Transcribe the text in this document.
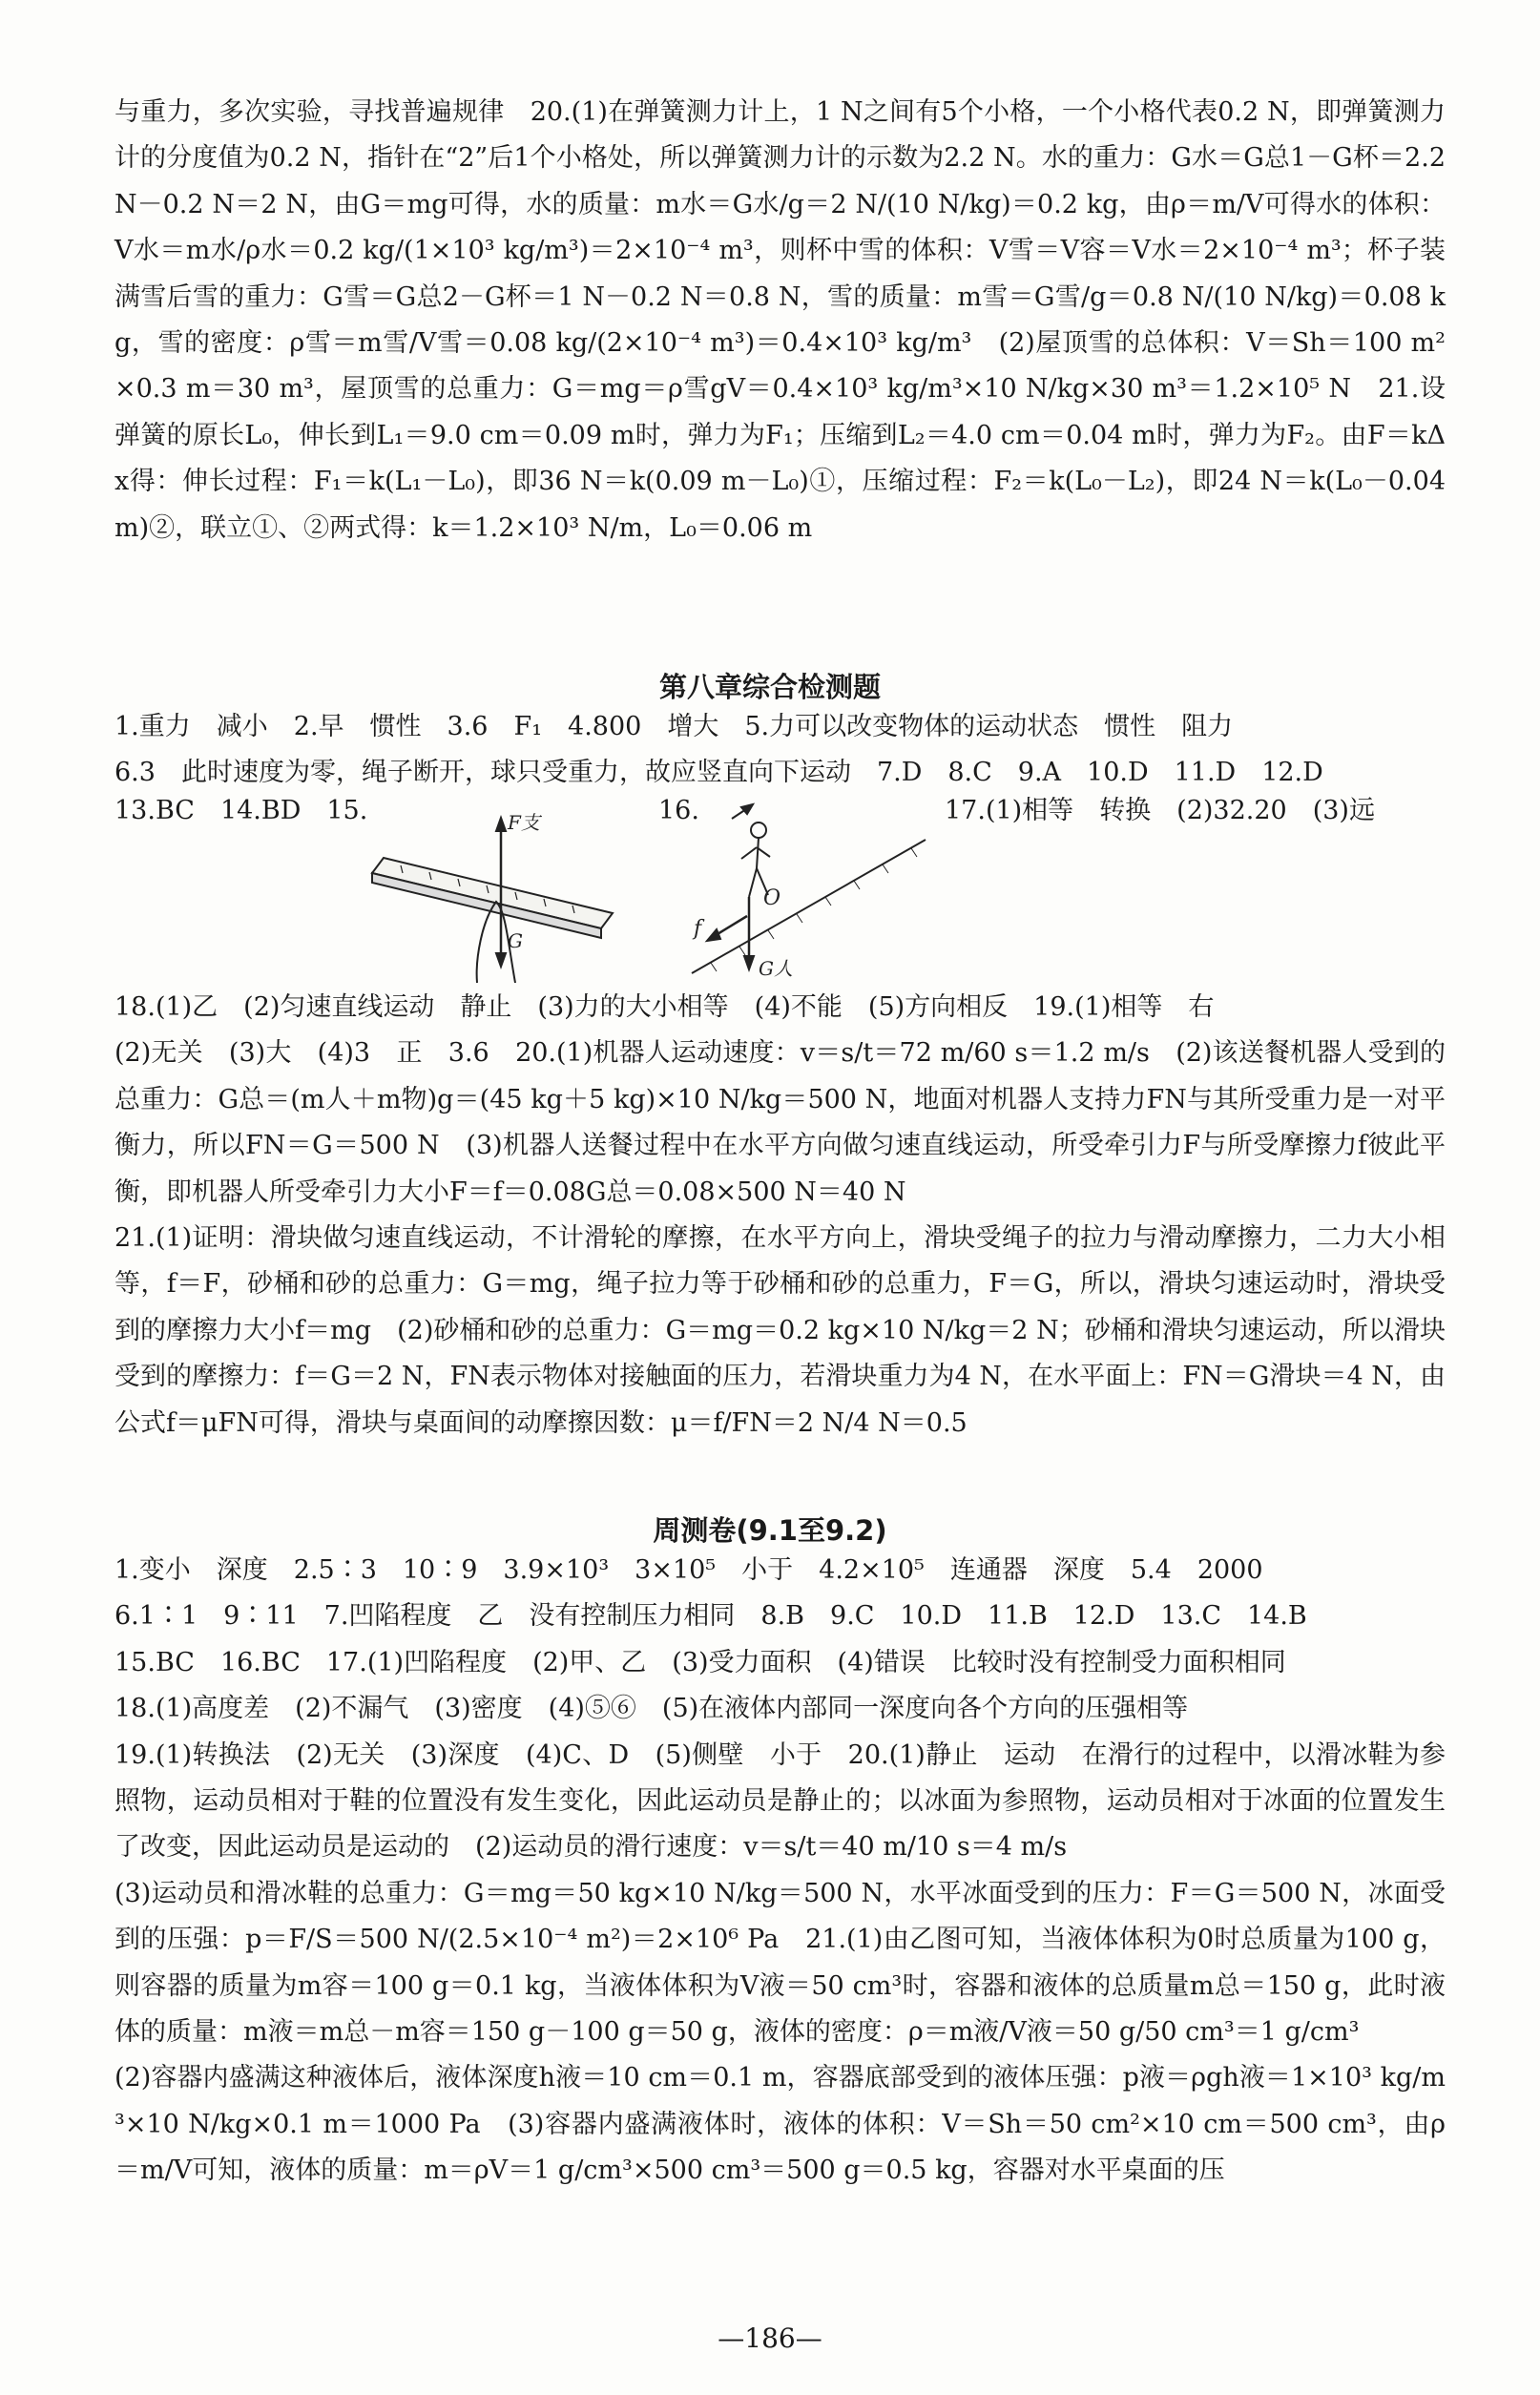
与重力，多次实验，寻找普遍规律　20.(1)在弹簧测力计上，1 N之间有5个小格，一个小格代表0.2 N，即弹簧测力计的分度值为0.2 N，指针在“2”后1个小格处，所以弹簧测力计的示数为2.2 N。水的重力：G水＝G总1－G杯＝2.2 N－0.2 N＝2 N，由G＝mg可得，水的质量：m水＝G水/g＝2 N/(10 N/kg)＝0.2 kg，由ρ＝m/V可得水的体积：V水＝m水/ρ水＝0.2 kg/(1×10³ kg/m³)＝2×10⁻⁴ m³，则杯中雪的体积：V雪＝V容＝V水＝2×10⁻⁴ m³；杯子装满雪后雪的重力：G雪＝G总2－G杯＝1 N－0.2 N＝0.8 N，雪的质量：m雪＝G雪/g＝0.8 N/(10 N/kg)＝0.08 kg，雪的密度：ρ雪＝m雪/V雪＝0.08 kg/(2×10⁻⁴ m³)＝0.4×10³ kg/m³　(2)屋顶雪的总体积：V＝Sh＝100 m²×0.3 m＝30 m³，屋顶雪的总重力：G＝mg＝ρ雪gV＝0.4×10³ kg/m³×10 N/kg×30 m³＝1.2×10⁵ N　21.设弹簧的原长L₀，伸长到L₁＝9.0 cm＝0.09 m时，弹力为F₁；压缩到L₂＝4.0 cm＝0.04 m时，弹力为F₂。由F＝kΔx得：伸长过程：F₁＝k(L₁－L₀)，即36 N＝k(0.09 m－L₀)①，压缩过程：F₂＝k(L₀－L₂)，即24 N＝k(L₀－0.04 m)②，联立①、②两式得：k＝1.2×10³ N/m，L₀＝0.06 m

第八章综合检测题

1.重力　减小　2.早　惯性　3.6　F₁　4.800　增大　5.力可以改变物体的运动状态　惯性　阻力

6.3　此时速度为零，绳子断开，球只受重力，故应竖直向下运动　7.D　8.C　9.A　10.D　11.D　12.D

13.BC　14.BD　15.	16.	17.(1)相等　转换　(2)32.20　(3)远
F支
G	f
O
G人

18.(1)乙　(2)匀速直线运动　静止　(3)力的大小相等　(4)不能　(5)方向相反　19.(1)相等　右

(2)无关　(3)大　(4)3　正　3.6　20.(1)机器人运动速度：v＝s/t＝72 m/60 s＝1.2 m/s　(2)该送餐机器人受到的总重力：G总＝(m人＋m物)g＝(45 kg＋5 kg)×10 N/kg＝500 N，地面对机器人支持力FN与其所受重力是一对平衡力，所以FN＝G＝500 N　(3)机器人送餐过程中在水平方向做匀速直线运动，所受牵引力F与所受摩擦力f彼此平衡，即机器人所受牵引力大小F＝f＝0.08G总＝0.08×500 N＝40 N

21.(1)证明：滑块做匀速直线运动，不计滑轮的摩擦，在水平方向上，滑块受绳子的拉力与滑动摩擦力，二力大小相等，f＝F，砂桶和砂的总重力：G＝mg，绳子拉力等于砂桶和砂的总重力，F＝G，所以，滑块匀速运动时，滑块受到的摩擦力大小f＝mg　(2)砂桶和砂的总重力：G＝mg＝0.2 kg×10 N/kg＝2 N；砂桶和滑块匀速运动，所以滑块受到的摩擦力：f＝G＝2 N，FN表示物体对接触面的压力，若滑块重力为4 N，在水平面上：FN＝G滑块＝4 N，由公式f＝μFN可得，滑块与桌面间的动摩擦因数：μ＝f/FN＝2 N/4 N＝0.5

周测卷(9.1至9.2)

1.变小　深度　2.5∶3　10∶9　3.9×10³　3×10⁵　小于　4.2×10⁵　连通器　深度　5.4　2000

6.1∶1　9∶11　7.凹陷程度　乙　没有控制压力相同　8.B　9.C　10.D　11.B　12.D　13.C　14.B

15.BC　16.BC　17.(1)凹陷程度　(2)甲、乙　(3)受力面积　(4)错误　比较时没有控制受力面积相同

18.(1)高度差　(2)不漏气　(3)密度　(4)⑤⑥　(5)在液体内部同一深度向各个方向的压强相等

19.(1)转换法　(2)无关　(3)深度　(4)C、D　(5)侧壁　小于　20.(1)静止　运动　在滑行的过程中，以滑冰鞋为参照物，运动员相对于鞋的位置没有发生变化，因此运动员是静止的；以冰面为参照物，运动员相对于冰面的位置发生了改变，因此运动员是运动的　(2)运动员的滑行速度：v＝s/t＝40 m/10 s＝4 m/s

(3)运动员和滑冰鞋的总重力：G＝mg＝50 kg×10 N/kg＝500 N，水平冰面受到的压力：F＝G＝500 N，冰面受到的压强：p＝F/S＝500 N/(2.5×10⁻⁴ m²)＝2×10⁶ Pa　21.(1)由乙图可知，当液体体积为0时总质量为100 g，则容器的质量为m容＝100 g＝0.1 kg，当液体体积为V液＝50 cm³时，容器和液体的总质量m总＝150 g，此时液体的质量：m液＝m总－m容＝150 g－100 g＝50 g，液体的密度：ρ＝m液/V液＝50 g/50 cm³＝1 g/cm³

(2)容器内盛满这种液体后，液体深度h液＝10 cm＝0.1 m，容器底部受到的液体压强：p液＝ρgh液＝1×10³ kg/m³×10 N/kg×0.1 m＝1000 Pa　(3)容器内盛满液体时，液体的体积：V＝Sh＝50 cm²×10 cm＝500 cm³，由ρ＝m/V可知，液体的质量：m＝ρV＝1 g/cm³×500 cm³＝500 g＝0.5 kg，容器对水平桌面的压

—186—
